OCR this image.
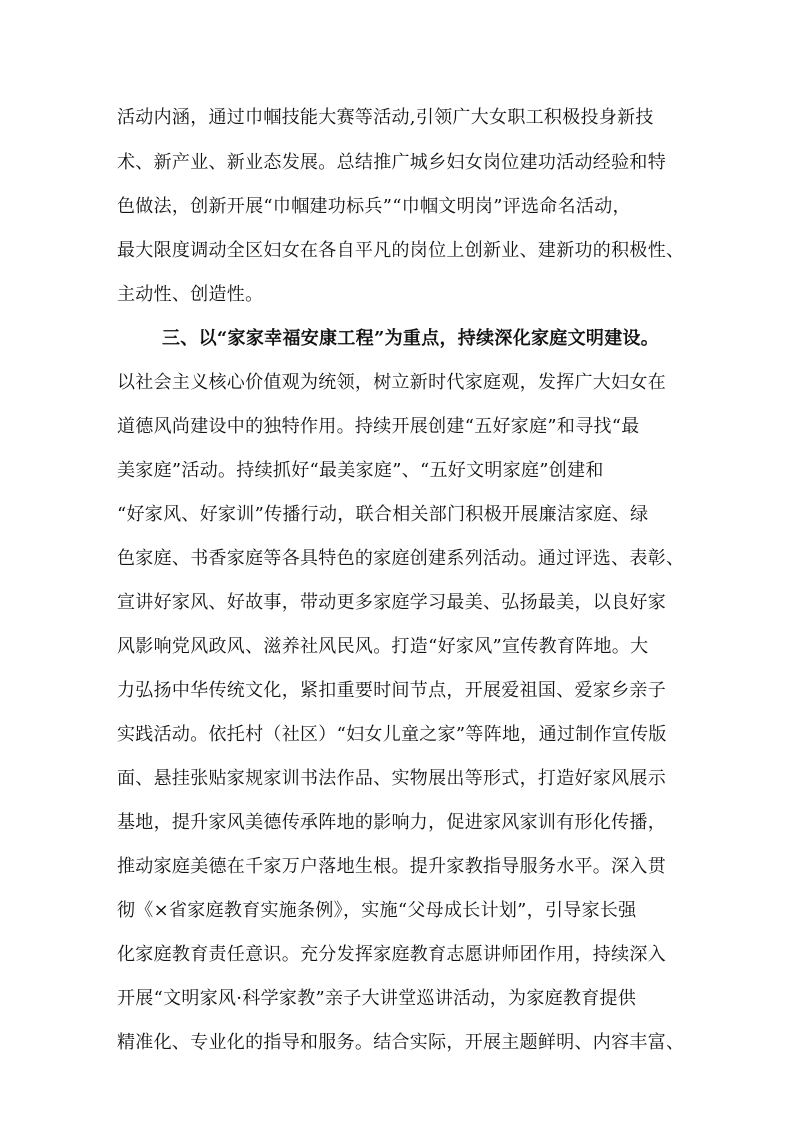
活动内涵，通过巾帼技能大赛等活动,引领广大女职工积极投身新技
术、新产业、新业态发展。总结推广城乡妇女岗位建功活动经验和特
色做法，创新开展“巾帼建功标兵”“巾帼文明岗”评选命名活动，
最大限度调动全区妇女在各自平凡的岗位上创新业、建新功的积极性、
主动性、创造性。
三、以“家家幸福安康工程”为重点，持续深化家庭文明建设。
以社会主义核心价值观为统领，树立新时代家庭观，发挥广大妇女在
道德风尚建设中的独特作用。持续开展创建“五好家庭”和寻找“最
美家庭”活动。持续抓好“最美家庭”、“五好文明家庭”创建和
“好家风、好家训”传播行动，联合相关部门积极开展廉洁家庭、绿
色家庭、书香家庭等各具特色的家庭创建系列活动。通过评选、表彰、
宣讲好家风、好故事，带动更多家庭学习最美、弘扬最美，以良好家
风影响党风政风、滋养社风民风。打造“好家风”宣传教育阵地。大
力弘扬中华传统文化，紧扣重要时间节点，开展爱祖国、爱家乡亲子
实践活动。依托村（社区）“妇女儿童之家”等阵地，通过制作宣传版
面、悬挂张贴家规家训书法作品、实物展出等形式，打造好家风展示
基地，提升家风美德传承阵地的影响力，促进家风家训有形化传播，
推动家庭美德在千家万户落地生根。提升家教指导服务水平。深入贯
彻《×省家庭教育实施条例》，实施“父母成长计划”，引导家长强
化家庭教育责任意识。充分发挥家庭教育志愿讲师团作用，持续深入
开展“文明家风·科学家教”亲子大讲堂巡讲活动，为家庭教育提供
精准化、专业化的指导和服务。结合实际，开展主题鲜明、内容丰富、
